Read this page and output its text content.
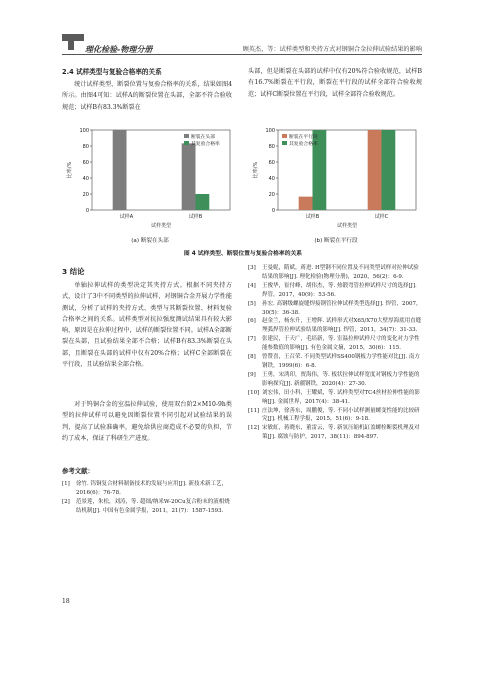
理化检验-物理分册	顾英杰，等：试样类型和夹持方式对钢铜合金拉伸试验结果的影响
2.4 试样类型与复验合格率的关系
统计试样类型、断裂位置与复验合格率的关系，结果如图4所示。由图4可知：试样A的断裂位置在头部，全部不符合验收规范；试样B有83.3%断裂在
头部，但是断裂在头部的试样中仅有20%符合验收规范，试样B有16.7%断裂在平行段，断裂在平行段的试样全部符合验收规范；试样C断裂位置在平行段，试样全部符合验收规范。
0
20
40
60
80
100
试样A	试样B
试样类型
比率/%
断裂在头部
其复验合格率
0
20
40
60
80
100
试样B	试样C
试样类型
比率/%
断裂在平行段
其复验合格率
(a) 断裂在头部	(b) 断裂在平行段
图 4 试样类型、断裂位置与复验合格率的关系
3 结论
单轴拉伸试样的类型决定其夹持方式。根据不同夹持方式，设计了3中不同类型的拉伸试样，对钢铜合金开展力学性能测试，分析了试样的夹持方式、类型与其断裂位置、材料复验合格率之间的关系。试样类型对抗拉强度测试结果具有较大影响，原因是在拉伸过程中，试样的断裂位置不同。试样A全部断裂在头部，且试验结果全部不合格；试样B有83.3%断裂在头部，且断裂在头部的试样中仅有20%合格；试样C全部断裂在平行段，且试验结果全部合格。
对于钨铜合金的室温拉伸试验，使用双台阶2×M10-9h类型的拉伸试样可以避免因断裂位置不同引起对试验结果的误判，提高了试验准确率，避免给供应商造成不必要的负担，节约了成本，保证了科研生产进度。
参考文献：
[1]	徐竹. 钨铜复合材料制备技术的发展与应用[J]. 新技术新工艺，2016(6)：76-78.
[2]	范景莲，朱松，刘涛，等. 超细/纳米W-20Cu复合粉末的液相烧结机制[J]. 中国有色金属学报，2011，21(7)：1587-1593.
[3]	王曼妮，隋斌，蒋进. H型钢不同位置及不同类型试样对拉伸试验结果的影响[J]. 理化检验(物理分册)，2020，56(2)：6-9.
[4]	王俊华，崔付峰，胡伟杰，等. 热锻弯管拉伸试样尺寸的选择[J]. 焊管，2017，40(9)：53-56.
[5]	孙宏. 高钢级螺旋缝焊接钢管拉伸试样类型选择[J]. 焊管，2007，30(5)：36-38.
[6]	赵金兰，杨东升，王增辉. 试样形式对X65/X70大壁厚海底用直缝埋弧焊管拉伸试验结果的影响[J]. 焊管，2011，34(7)：31-33.
[7]	张建民，于天广，毛培新，等. 室温拉伸试样尺寸的变化对力学性能参数值的影响[J]. 有色金属文摘，2015，30(6)：115.
[8]	曾赞喜，王召荣. 不同类型试样SS400钢板力学性能对比[J]. 南方钢铁，1999(6)：6-8.
[9]	王勇，宋鸿印，贾海伟，等. 板状拉伸试样宽度对钢板力学性能的影响探究[J]. 新疆钢铁，2020(4)：27-30.
[10] 刘宏伟，田小科，王耀斌，等. 试样类型对TC4丝材拉伸性能的影响[J]. 金属世界，2017(4)：38-41.
[11] 庄法坤，徐善东，周鹏俊，等. 不同小试样测量螺变性能的比较研究[J]. 机械工程学报，2015，51(6)：9-18.
[12] 宋敏虹，蒋晓东，董雷云，等. 新氢压缩机缸盖螺栓断裂机理及对策[J]. 腐蚀与防护，2017，38(11)：894-897.
18
